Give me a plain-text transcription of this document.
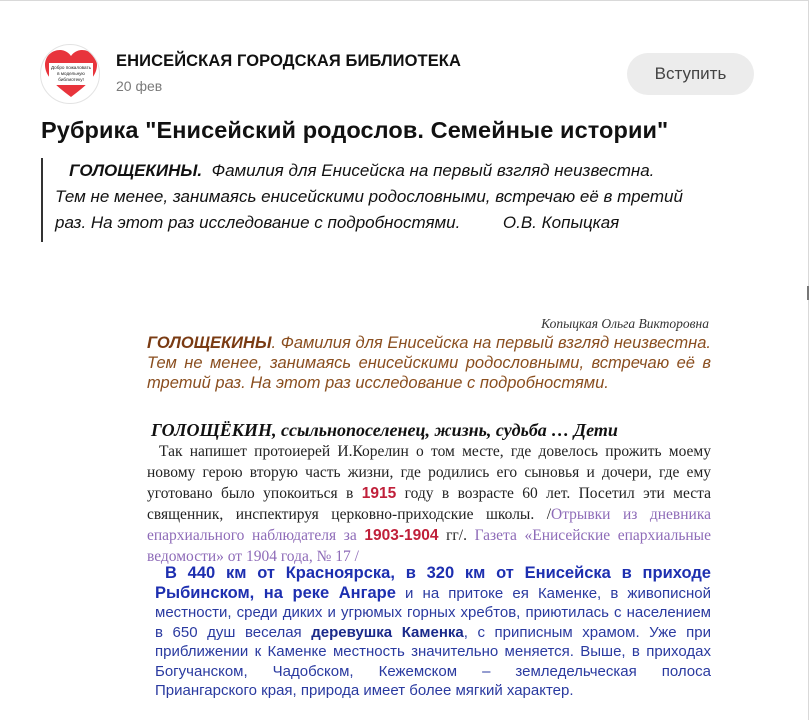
Добро пожаловать
в модельную
библиотеку!
ЕНИСЕЙСКАЯ ГОРОДСКАЯ БИБЛИОТЕКА
20 фев
Вступить
Рубрика "Енисейский родослов. Семейные истории"

ГОЛОЩЕКИНЫ. Фамилия для Енисейска на первый взгляд неизвестна.

Тем не менее, занимаясь енисейскими родословными, встречаю её в третий

раз. На этот раз исследование с подробностями.	О.В. Копыцкая

Копыцкая Ольга Викторовна
ГОЛОЩЕКИНЫ. Фамилия для Енисейска на первый взгляд неизвестна. Тем не менее, занимаясь енисейскими родословными, встречаю её в третий раз. На этот раз исследование с подробностями.
ГОЛОЩЁКИН, ссыльнопоселенец, жизнь, судьба … Дети
Так напишет протоиерей И.Корелин о том месте, где довелось прожить моему новому герою вторую часть жизни, где родились его сыновья и дочери, где ему уготовано было упокоиться в 1915 году в возрасте 60 лет. Посетил эти места священник, инспектируя церковно-приходские школы. /Отрывки из дневника епархиального наблюдателя за 1903-1904 гг/. Газета «Енисейские епархиальные ведомости» от 1904 года, № 17 /
В 440 км от Красноярска, в 320 км от Енисейска в приходе Рыбинском, на реке Ангаре и на притоке ея Каменке, в живописной местности, среди диких и угрюмых горных хребтов, приютилась с населением в 650 душ веселая деревушка Каменка, с приписным храмом. Уже при приближении к Каменке местность значительно меняется. Выше, в приходах Богучанском, Чадобском, Кежемском – земледельческая полоса Приангарского края, природа имеет более мягкий характер.
